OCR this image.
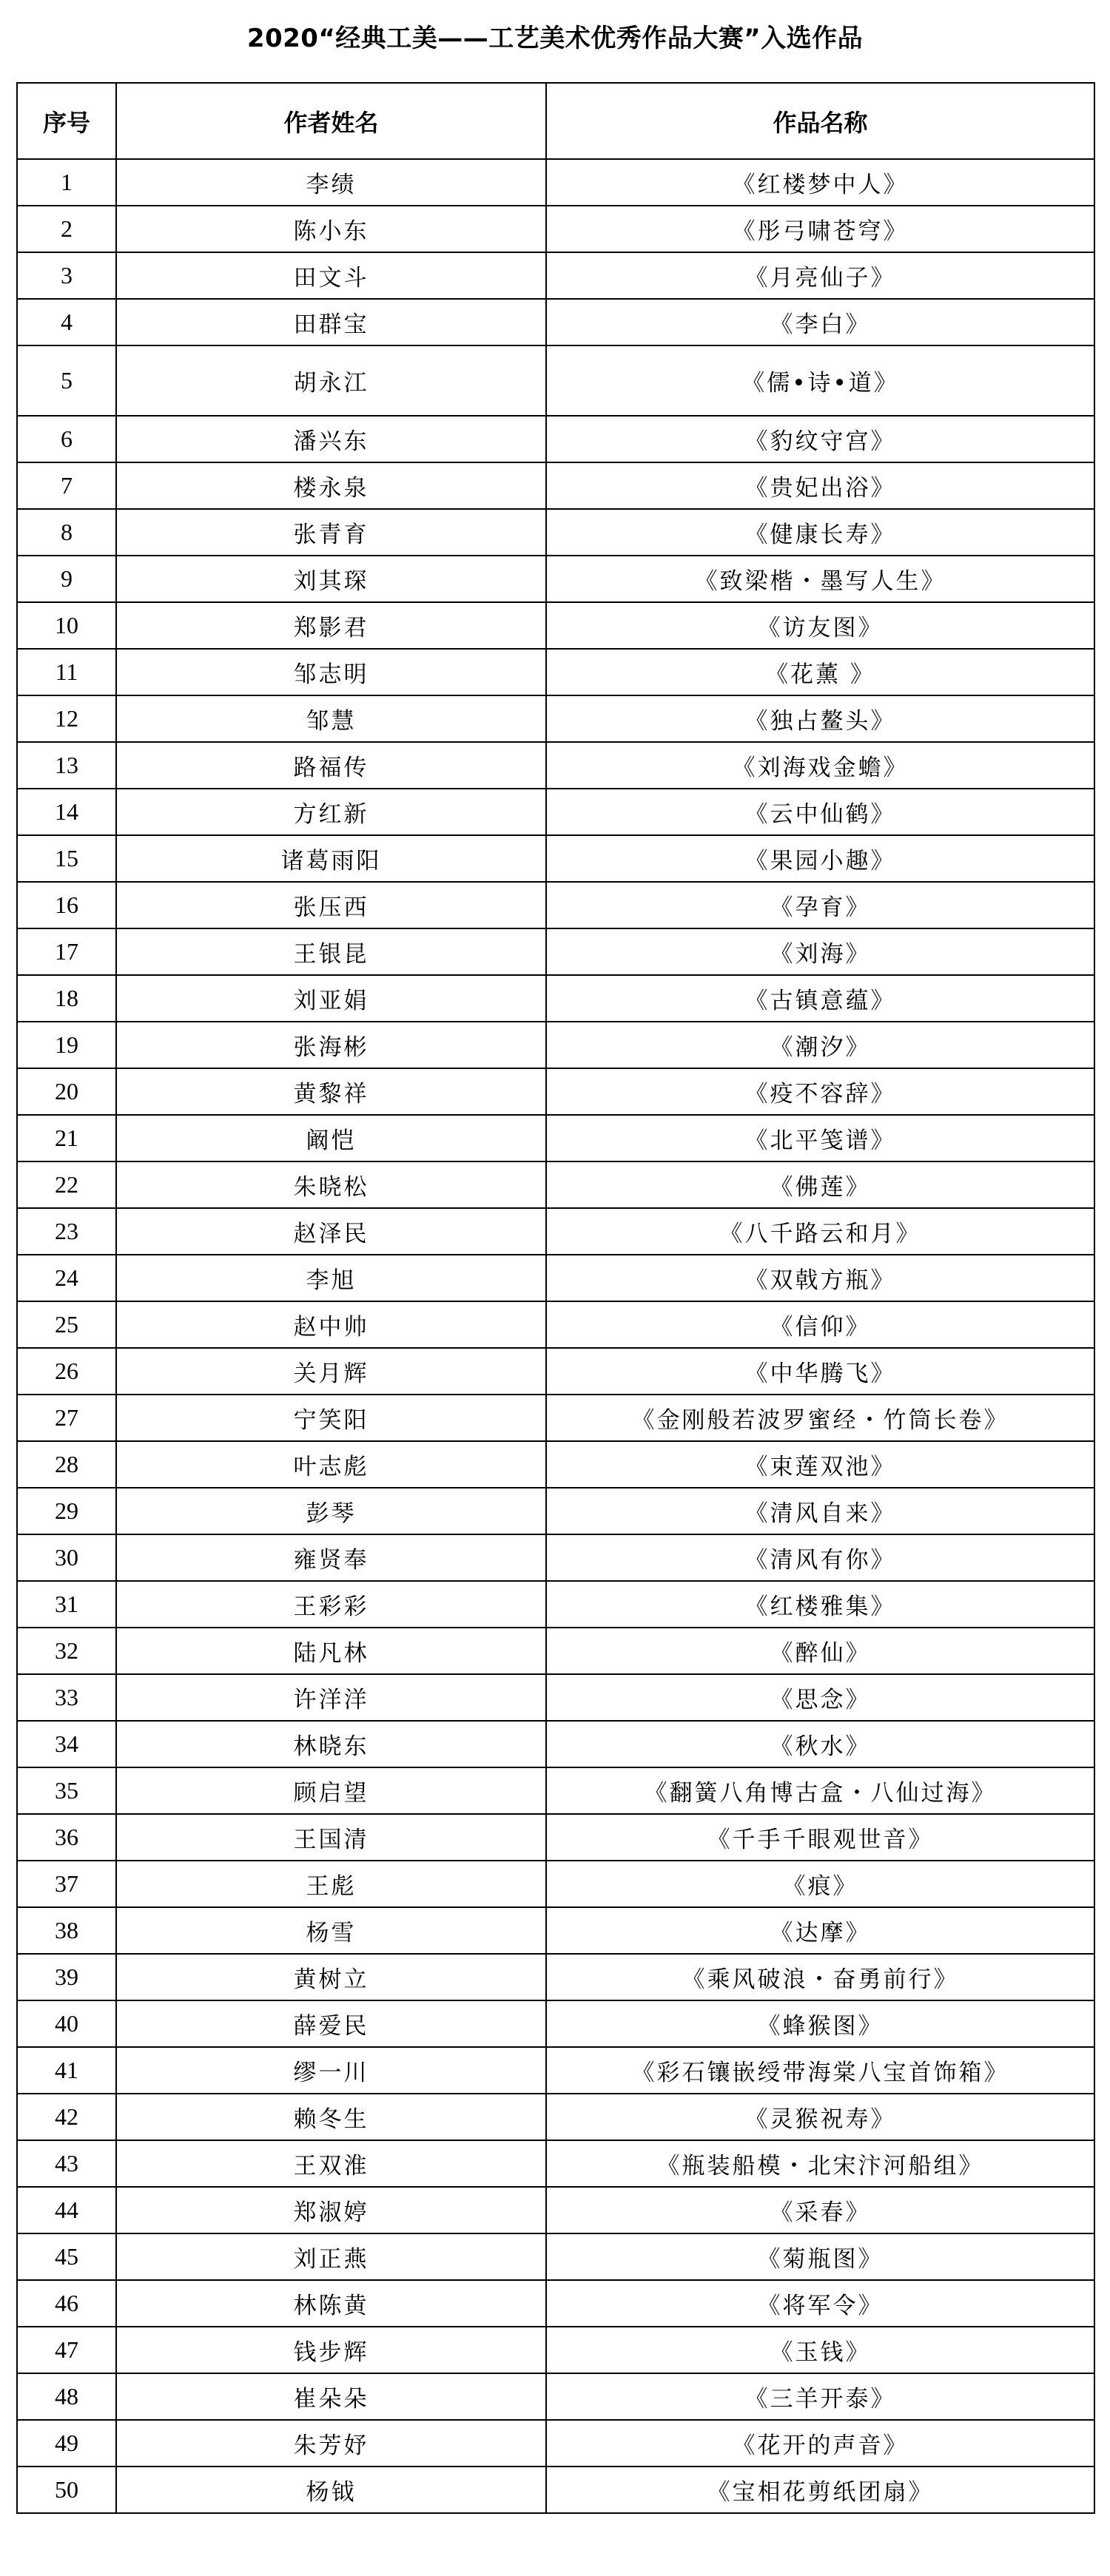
2020“经典工美——工艺美术优秀作品大赛”入选作品
序号	作者姓名	作品名称
1	李绩	《红楼梦中人》
2	陈小东	《彤弓啸苍穹》
3	田文斗	《月亮仙子》
4	田群宝	《李白》
5	胡永江	《儒•诗•道》
6	潘兴东	《豹纹守宫》
7	楼永泉	《贵妃出浴》
8	张青育	《健康长寿》
9	刘其琛	《致梁楷・墨写人生》
10	郑影君	《访友图》
11	邹志明	《花薰 》
12	邹慧	《独占鳌头》
13	路福传	《刘海戏金蟾》
14	方红新	《云中仙鹤》
15	诸葛雨阳	《果园小趣》
16	张压西	《孕育》
17	王银昆	《刘海》
18	刘亚娟	《古镇意蕴》
19	张海彬	《潮汐》
20	黄黎祥	《疫不容辞》
21	阚恺	《北平笺谱》
22	朱晓松	《佛莲》
23	赵泽民	《八千路云和月》
24	李旭	《双戟方瓶》
25	赵中帅	《信仰》
26	关月辉	《中华腾飞》
27	宁笑阳	《金刚般若波罗蜜经・竹筒长卷》
28	叶志彪	《束莲双池》
29	彭琴	《清风自来》
30	雍贤奉	《清风有你》
31	王彩彩	《红楼雅集》
32	陆凡林	《醉仙》
33	许洋洋	《思念》
34	林晓东	《秋水》
35	顾启望	《翻簧八角博古盒・八仙过海》
36	王国清	《千手千眼观世音》
37	王彪	《痕》
38	杨雪	《达摩》
39	黄树立	《乘风破浪・奋勇前行》
40	薛爱民	《蜂猴图》
41	缪一川	《彩石镶嵌绶带海棠八宝首饰箱》
42	赖冬生	《灵猴祝寿》
43	王双淮	《瓶装船模・北宋汴河船组》
44	郑淑婷	《采春》
45	刘正燕	《菊瓶图》
46	林陈黄	《将军令》
47	钱步辉	《玉钱》
48	崔朵朵	《三羊开泰》
49	朱芳妤	《花开的声音》
50	杨钺	《宝相花剪纸团扇》
